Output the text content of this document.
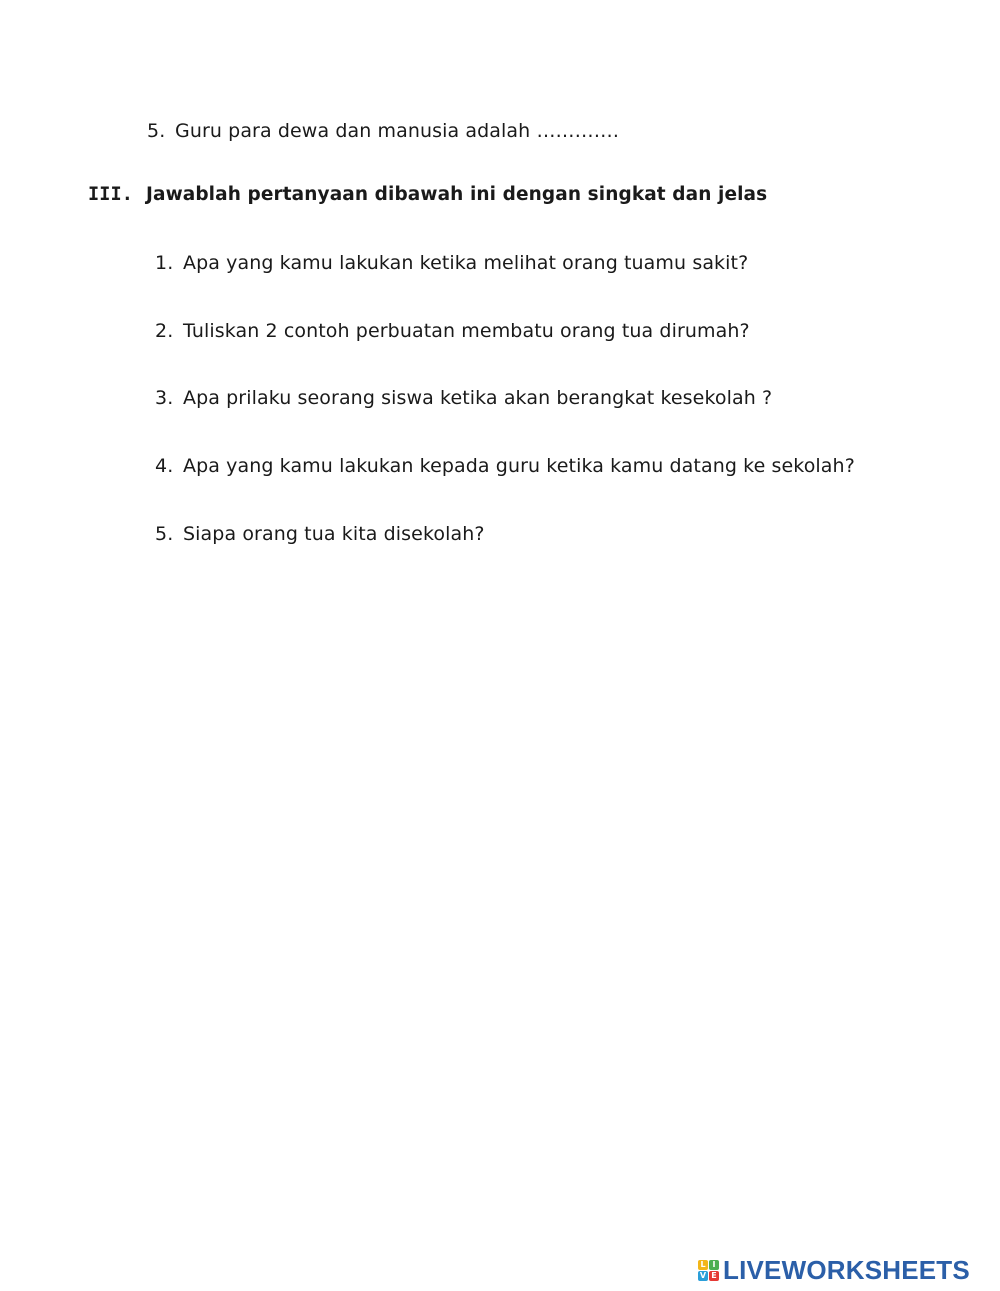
5. Guru para dewa dan manusia adalah ………….
III. Jawablah pertanyaan dibawah ini dengan singkat dan jelas
1. Apa yang kamu lakukan ketika melihat orang tuamu sakit?
2. Tuliskan 2 contoh perbuatan membatu orang tua dirumah?
3. Apa prilaku seorang siswa ketika akan berangkat kesekolah ?
4. Apa yang kamu lakukan kepada guru ketika kamu datang ke sekolah?
5. Siapa orang tua kita disekolah?
L I
V E LIVEWORKSHEETS
